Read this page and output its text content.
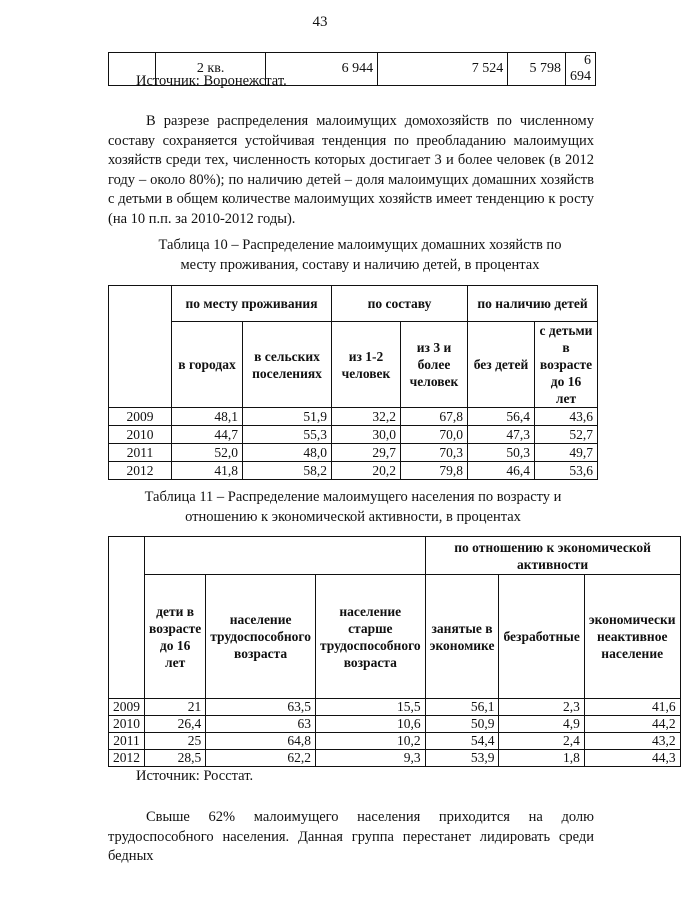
43
	2 кв.	6 944	7 524	5 798	6 694
Источник: Воронежстат.
В разрезе распределения малоимущих домохозяйств по численному составу сохраняется устойчивая тенденция по преобладанию малоимущих хозяйств среди тех, численность которых достигает 3 и более человек (в 2012 году – около 80%); по наличию детей – доля малоимущих домашних хозяйств с детьми в общем количестве малоимущих хозяйств имеет тенденцию к росту (на 10 п.п. за 2010-2012 годы).
Таблица 10 – Распределение малоимущих домашних хозяйств по
месту проживания, составу и наличию детей, в процентах
	по месту проживания		по составу		по наличию детей	
	в городах	в сельских поселениях	из 1-2 человек	из 3 и более человек	без детей	с детьми в возрасте до 16 лет
2009	48,1	51,9	32,2	67,8	56,4	43,6
2010	44,7	55,3	30,0	70,0	47,3	52,7
2011	52,0	48,0	29,7	70,3	50,3	49,7
2012	41,8	58,2	20,2	79,8	46,4	53,6
Таблица 11 – Распределение малоимущего населения по возрасту и
отношению к экономической активности, в процентах
				по отношению к экономической активности		
	дети в возрасте до 16 лет	население трудоспособного возраста	население старше трудоспособного возраста	занятые в экономике	безработные	экономически неактивное население
2009	21	63,5	15,5	56,1	2,3	41,6
2010	26,4	63	10,6	50,9	4,9	44,2
2011	25	64,8	10,2	54,4	2,4	43,2
2012	28,5	62,2	9,3	53,9	1,8	44,3
Источник: Росстат.
Свыше 62% малоимущего населения приходится на долю трудоспособного населения. Данная группа перестанет лидировать среди бедных
